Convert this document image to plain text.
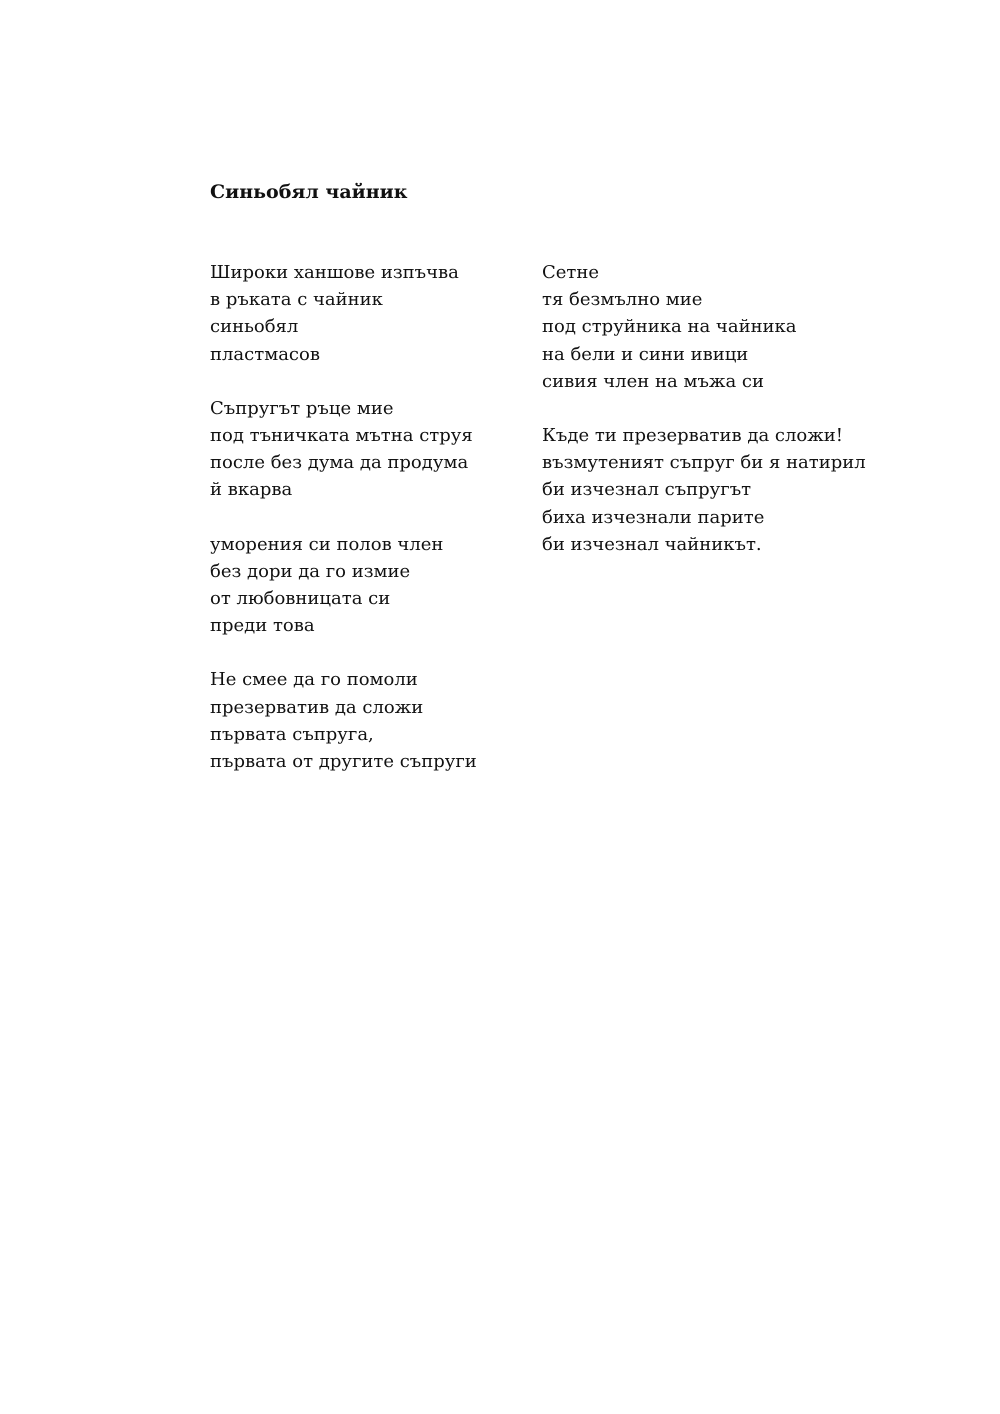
Синьобял чайник
Широки ханшове изпъчва
в ръката с чайник
синьобял
пластмасов
Съпругът ръце мие
под тъничката мътна струя
после без дума да продума
й вкарва
уморения си полов член
без дори да го измие
от любовницата си
преди това
Не смее да го помоли
презерватив да сложи
първата съпруга,
първата от другите съпруги
Сетне
тя безмълно мие
под струйника на чайника
на бели и сини ивици
сивия член на мъжа си
Къде ти презерватив да сложи!
възмутеният съпруг би я натирил
би изчезнал съпругът
биха изчезнали парите
би изчезнал чайникът.
